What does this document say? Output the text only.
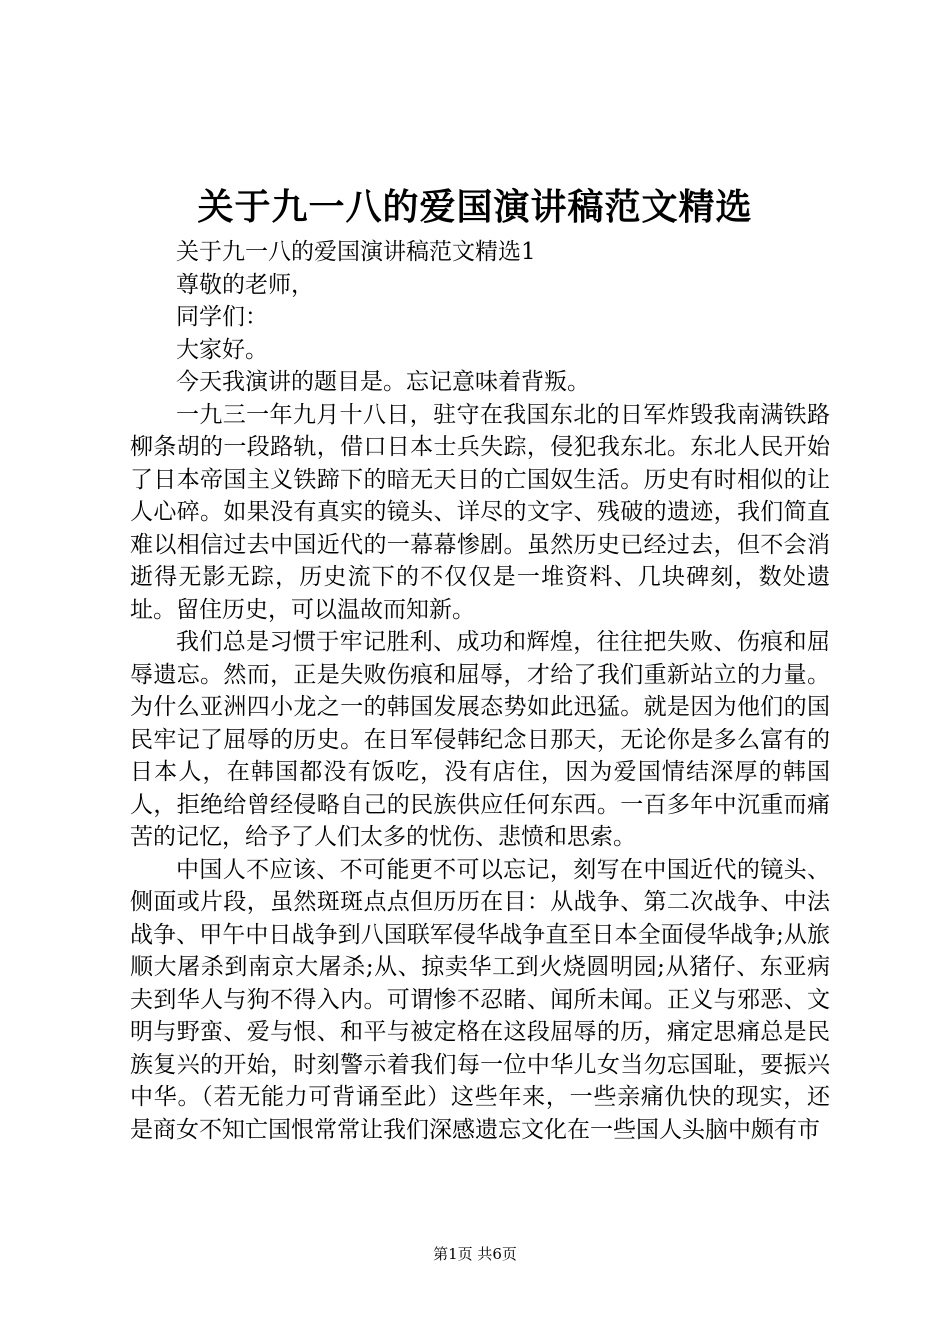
关于九一八的爱国演讲稿范文精选

关于九一八的爱国演讲稿范文精选1

尊敬的老师，

同学们：

大家好。

今天我演讲的题目是。忘记意味着背叛。

一九三一年九月十八日，驻守在我国东北的日军炸毁我南满铁路柳条胡的一段路轨，借口日本士兵失踪，侵犯我东北。东北人民开始了日本帝国主义铁蹄下的暗无天日的亡国奴生活。历史有时相似的让人心碎。如果没有真实的镜头、详尽的文字、残破的遗迹，我们简直难以相信过去中国近代的一幕幕惨剧。虽然历史已经过去，但不会消逝得无影无踪，历史流下的不仅仅是一堆资料、几块碑刻，数处遗址。留住历史，可以温故而知新。

我们总是习惯于牢记胜利、成功和辉煌，往往把失败、伤痕和屈辱遗忘。然而，正是失败伤痕和屈辱，才给了我们重新站立的力量。为什么亚洲四小龙之一的韩国发展态势如此迅猛。就是因为他们的国民牢记了屈辱的历史。在日军侵韩纪念日那天，无论你是多么富有的日本人，在韩国都没有饭吃，没有店住，因为爱国情结深厚的韩国人，拒绝给曾经侵略自己的民族供应任何东西。一百多年中沉重而痛苦的记忆，给予了人们太多的忧伤、悲愤和思索。

中国人不应该、不可能更不可以忘记，刻写在中国近代的镜头、侧面或片段，虽然斑斑点点但历历在目：从战争、第二次战争、中法战争、甲午中日战争到八国联军侵华战争直至日本全面侵华战争;从旅顺大屠杀到南京大屠杀;从、掠卖华工到火烧圆明园;从猪仔、东亚病夫到华人与狗不得入内。可谓惨不忍睹、闻所未闻。正义与邪恶、文明与野蛮、爱与恨、和平与被定格在这段屈辱的历，痛定思痛总是民族复兴的开始，时刻警示着我们每一位中华儿女当勿忘国耻，要振兴中华。（若无能力可背诵至此）这些年来，一些亲痛仇快的现实，还是商女不知亡国恨常常让我们深感遗忘文化在一些国人头脑中颇有市

第1页 共6页
